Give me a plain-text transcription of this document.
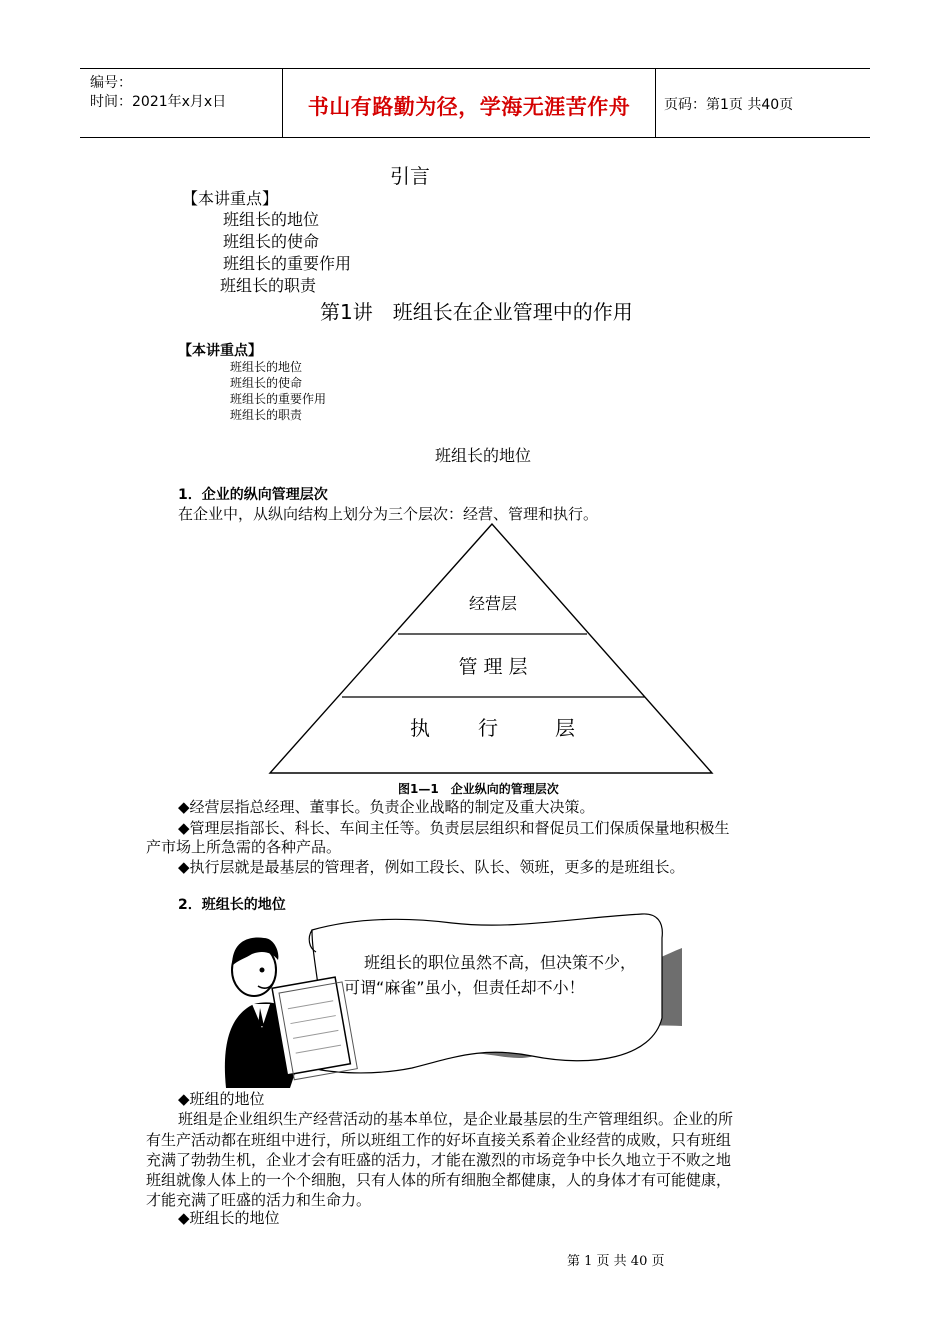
编号：
时间：2021年x月x日	书山有路勤为径，学海无涯苦作舟	页码：第1页 共40页
引言
【本讲重点】
班组长的地位
班组长的使命
班组长的重要作用
班组长的职责
第1讲　班组长在企业管理中的作用
【本讲重点】
班组长的地位
班组长的使命
班组长的重要作用
班组长的职责
班组长的地位
1．企业的纵向管理层次
在企业中，从纵向结构上划分为三个层次：经营、管理和执行。
经营层
管 理 层
执 行	层
图1—1　企业纵向的管理层次
◆经营层指总经理、董事长。负责企业战略的制定及重大决策。
◆管理层指部长、科长、车间主任等。负责层层组织和督促员工们保质保量地积极生
产市场上所急需的各种产品。
◆执行层就是最基层的管理者，例如工段长、队长、领班，更多的是班组长。
2．班组长的地位
班组长的职位虽然不高，但决策不少，
可谓“麻雀”虽小，但责任却不小！
◆班组的地位
班组是企业组织生产经营活动的基本单位，是企业最基层的生产管理组织。企业的所
有生产活动都在班组中进行，所以班组工作的好坏直接关系着企业经营的成败，只有班组
充满了勃勃生机，企业才会有旺盛的活力，才能在激烈的市场竞争中长久地立于不败之地
班组就像人体上的一个个细胞，只有人体的所有细胞全都健康，人的身体才有可能健康，
才能充满了旺盛的活力和生命力。
◆班组长的地位
第 1 页 共 40 页
